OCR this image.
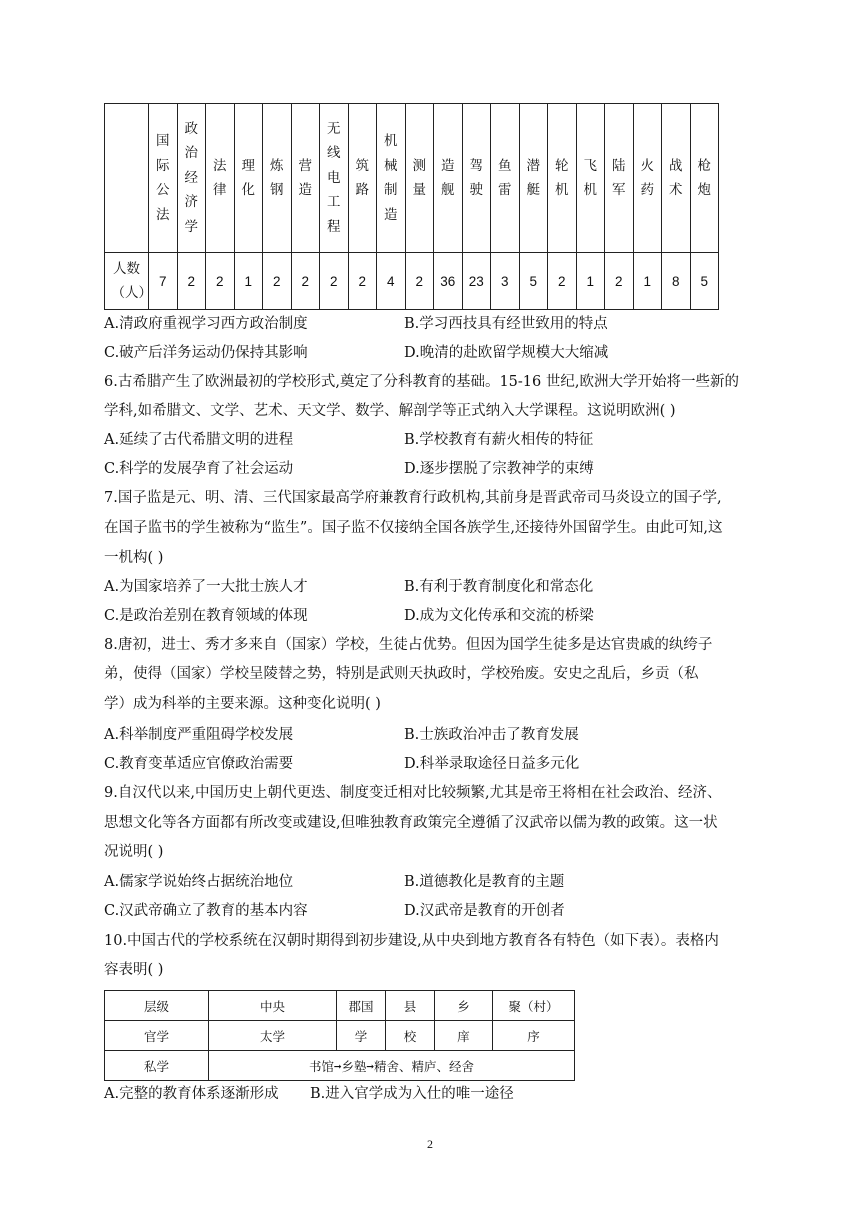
	国际公法	政治经济学	法律	理化	炼钢	营造	无线电工程	筑路	机械制造	测量	造舰	驾驶	鱼雷	潜艇	轮机	飞机	陆军	火药	战术	枪炮
人数（人）	7	2	2	1	2	2	2	2	4	2	36	23	3	5	2	1	2	1	8	5
A.清政府重视学习西方政治制度	B.学习西技具有经世致用的特点
C.破产后洋务运动仍保持其影响	D.晚清的赴欧留学规模大大缩减
6.古希腊产生了欧洲最初的学校形式,奠定了分科教育的基础。15-16 世纪,欧洲大学开始将一些新的
学科,如希腊文、文学、艺术、天文学、数学、解剖学等正式纳入大学课程。这说明欧洲( )
A.延续了古代希腊文明的进程	B.学校教育有薪火相传的特征
C.科学的发展孕育了社会运动	D.逐步摆脱了宗教神学的束缚
7.国子监是元、明、清、三代国家最高学府兼教育行政机构,其前身是晋武帝司马炎设立的国子学,
在国子监书的学生被称为“监生”。国子监不仅接纳全国各族学生,还接待外国留学生。由此可知,这
一机构( )
A.为国家培养了一大批士族人才	B.有利于教育制度化和常态化
C.是政治差别在教育领域的体现	D.成为文化传承和交流的桥梁
8.唐初，进士、秀才多来自（国家）学校，生徒占优势。但因为国学生徒多是达官贵戚的纨绔子
弟，使得（国家）学校呈陵替之势，特别是武则天执政时，学校殆废。安史之乱后，乡贡（私
学）成为科举的主要来源。这种变化说明( )
A.科举制度严重阻碍学校发展	B.士族政治冲击了教育发展
C.教育变革适应官僚政治需要	D.科举录取途径日益多元化
9.自汉代以来,中国历史上朝代更迭、制度变迁相对比较频繁,尤其是帝王将相在社会政治、经济、
思想文化等各方面都有所改变或建设,但唯独教育政策完全遵循了汉武帝以儒为教的政策。这一状
况说明( )
A.儒家学说始终占据统治地位	B.道德教化是教育的主题
C.汉武帝确立了教育的基本内容	D.汉武帝是教育的开创者
10.中国古代的学校系统在汉朝时期得到初步建设,从中央到地方教育各有特色（如下表）。表格内
容表明( )
层级	中央	郡国	县	乡	聚（村）
官学	太学	学	校	庠	序
私学	书馆➞乡塾➞精舍、精庐、经舍				
A.完整的教育体系逐渐形成 B.进入官学成为入仕的唯一途径
2
